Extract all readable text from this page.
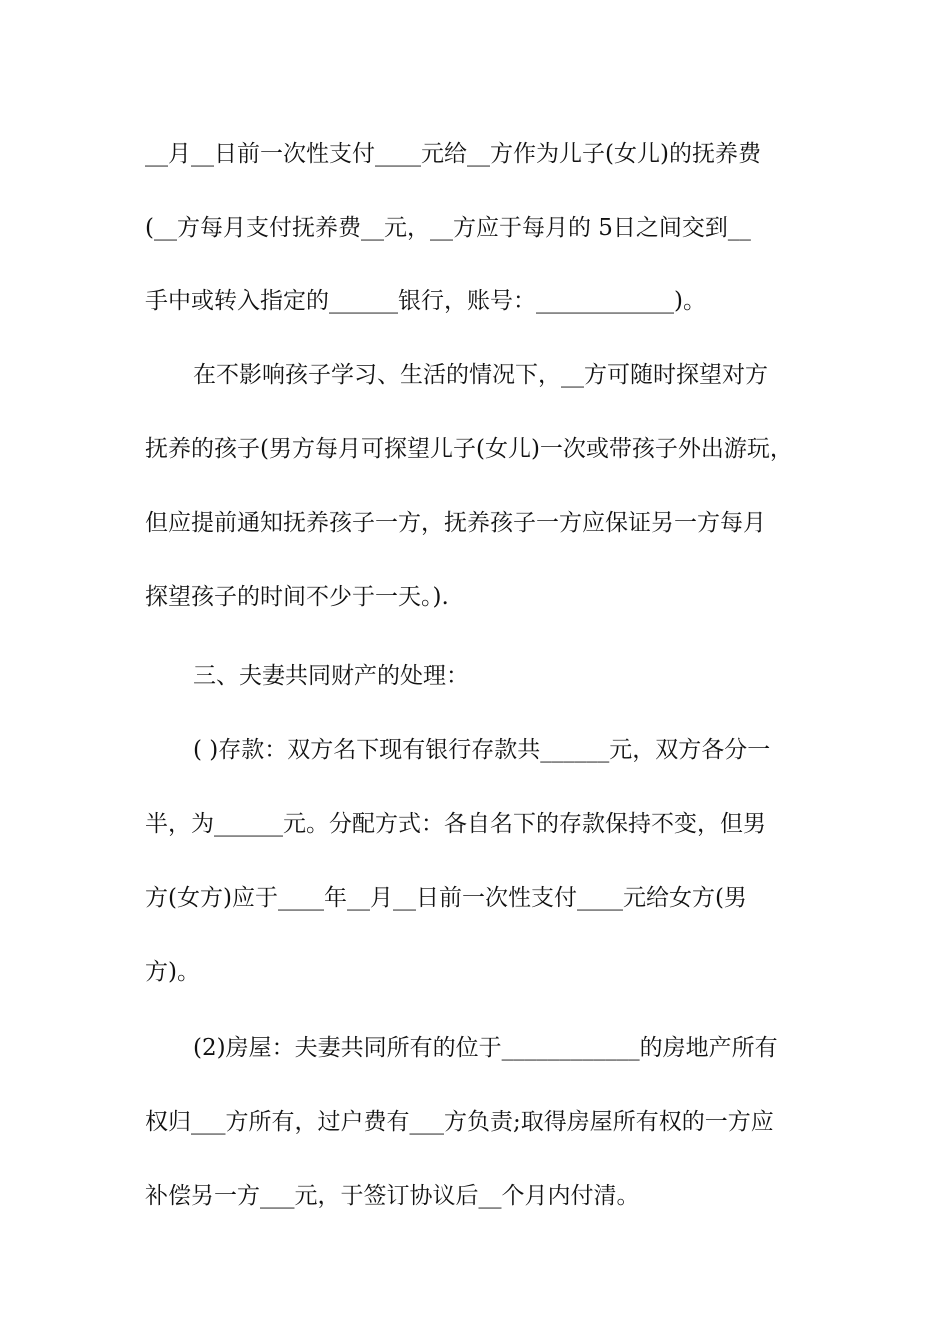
__月__日前一次性支付____元给__方作为儿子(女儿)的抚养费
(__方每月支付抚养费__元，__方应于每月的 5日之间交到__
手中或转入指定的______银行，账号：____________)。
在不影响孩子学习、生活的情况下，__方可随时探望对方
抚养的孩子(男方每月可探望儿子(女儿)一次或带孩子外出游玩，
但应提前通知抚养孩子一方，抚养孩子一方应保证另一方每月
探望孩子的时间不少于一天。).
三、夫妻共同财产的处理：
( )存款：双方名下现有银行存款共______元，双方各分一
半，为______元。分配方式：各自名下的存款保持不变，但男
方(女方)应于____年__月__日前一次性支付____元给女方(男
方)。
(2)房屋：夫妻共同所有的位于____________的房地产所有
权归___方所有，过户费有___方负责;取得房屋所有权的一方应
补偿另一方___元，于签订协议后__个月内付清。
